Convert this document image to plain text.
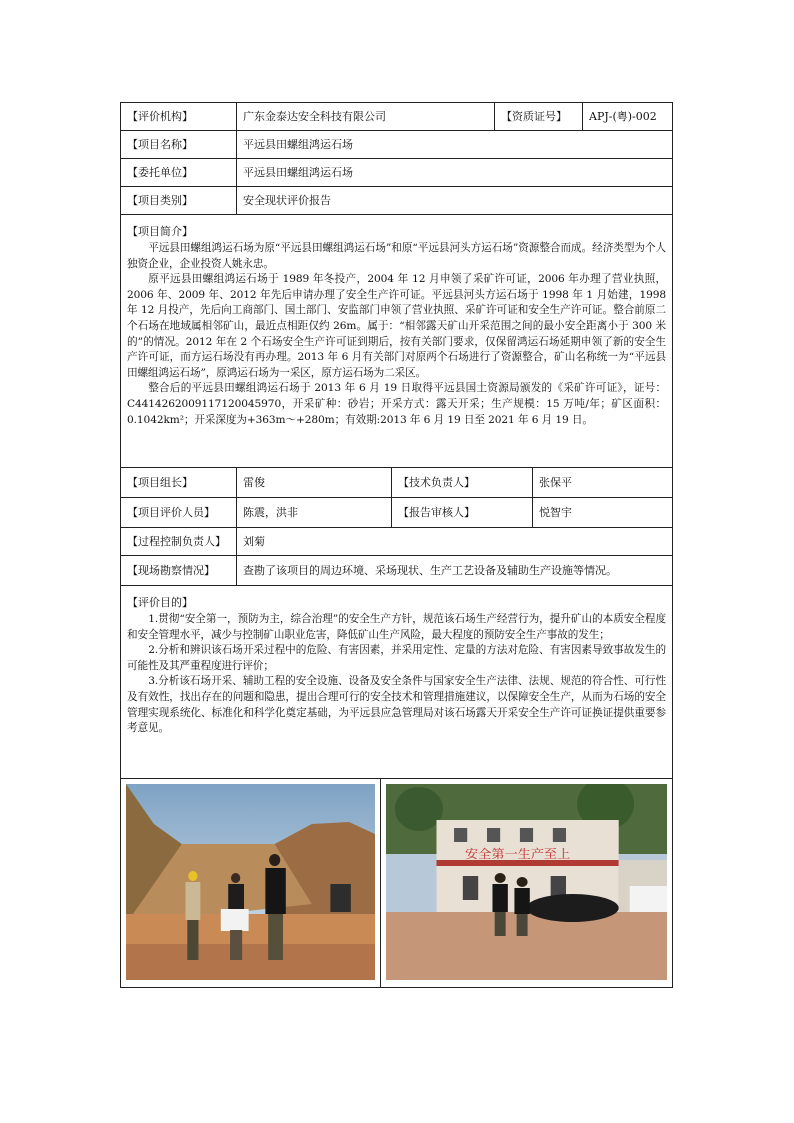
【评价机构】	广东金泰达安全科技有限公司			【资质证号】		APJ-(粤)-002
【项目名称】	平远县田螺组鸿运石场					
【委托单位】	平远县田螺组鸿运石场					
【项目类别】	安全现状评价报告					

【项目简介】

平远县田螺组鸿运石场为原“平远县田螺组鸿运石场”和原“平远县河头方运石场”资源整合而成。经济类型为个人独资企业，企业投资人姚永忠。

原平远县田螺组鸿运石场于 1989 年冬投产，2004 年 12 月申领了采矿许可证，2006 年办理了营业执照，2006 年、2009 年、2012 年先后申请办理了安全生产许可证。平远县河头方运石场于 1998 年 1 月始建，1998 年 12 月投产，先后向工商部门、国土部门、安监部门申领了营业执照、采矿许可证和安全生产许可证。整合前原二个石场在地域属相邻矿山，最近点相距仅约 26m。属于：“相邻露天矿山开采范围之间的最小安全距离小于 300 米的”的情况。2012 年在 2 个石场安全生产许可证到期后，按有关部门要求，仅保留鸿运石场延期申领了新的安全生产许可证，而方运石场没有再办理。2013 年 6 月有关部门对原两个石场进行了资源整合，矿山名称统一为“平远县田螺组鸿运石场”，原鸿运石场为一采区，原方运石场为二采区。

整合后的平远县田螺组鸿运石场于 2013 年 6 月 19 日取得平远县国土资源局颁发的《采矿许可证》，证号：C4414262009117120045970，开采矿种：砂岩；开采方式：露天开采；生产规模：15 万吨/年；矿区面积：0.1042km²；开采深度为+363m～+280m；有效期:2013 年 6 月 19 日至 2021 年 6 月 19 日。						

【项目组长】	雷俊		【技术负责人】		张保平	
【项目评价人员】	陈震，洪非		【报告审核人】		悦智宇	
【过程控制负责人】	刘菊					
【现场勘察情况】	查勘了该项目的周边环境、采场现状、生产工艺设备及辅助生产设施等情况。					

【评价目的】

1.贯彻“安全第一，预防为主，综合治理”的安全生产方针，规范该石场生产经营行为，提升矿山的本质安全程度和安全管理水平，减少与控制矿山职业危害，降低矿山生产风险，最大程度的预防安全生产事故的发生；

2.分析和辨识该石场开采过程中的危险、有害因素，并采用定性、定量的方法对危险、有害因素导致事故发生的可能性及其严重程度进行评价；

3.分析该石场开采、辅助工程的安全设施、设备及安全条件与国家安全生产法律、法规、规范的符合性、可行性及有效性，找出存在的问题和隐患，提出合理可行的安全技术和管理措施建议，以保障安全生产，从而为石场的安全管理实现系统化、标准化和科学化奠定基础，为平远县应急管理局对该石场露天开采安全生产许可证换证提供重要参考意见。						

安全第一生产至上				
